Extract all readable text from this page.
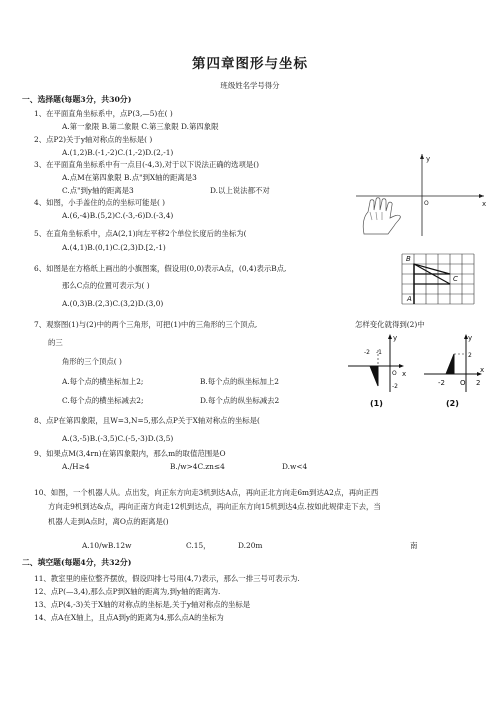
第四章图形与坐标
班级姓名学号得分
一、选择题(每题3分，共30分)
1、在平面直角坐标系中，点P(3,—5)在( )
A.第一象限 B.第二象限 C.第三象限 D.第四象限
2、点P2)关于y轴对称点的坐标是( )
A.(1,2)B.(-1,-2)C.(1,-2)D.(2,-1)
3、在平面直角坐标系中有一点目(-4,3),对于以下说法正确的选项是()
A.点M在第四象限 B.点"到X轴的距离是3
C.点"到y轴的距离是3	D.以上说法都不对
4、如图，小手盖住的点的坐标可能是( )
A.(6,-4)B.(5,2)C.(-3,-6)D.(-3,4)
5、在直角坐标系中，点A(2,1)向左平移2个单位长度后的坐标为(
A.(4,1)B.(0,1)C.(2,3)D.[2,-1)
6、如图是在方格纸上画出的小旗图案，假设用(0,0)表示A点，(0,4)表示B点,
那么C点的位置可表示为( )
A.(0,3)B.(2,3)C.(3,2)D.(3,0)
7、观察图(1)与(2)中的两个三角形，可把(1)中的三角形的三个顶点,	怎样变化就得到(2)中
的三
角形的三个顶点( )
A.每个点的横坐标加上2;	B.每个点的纵坐标加上2
C.每个点的横坐标减去2;	D.每个点的纵坐标减去2
8、点P在第四象限，且W=3,N=5,那么点P关于X轴对称点的坐标是(
A.(3,-5)B.(-3,5)C.(-5,-3)D.(3,5)
9、如果点M(3,4rn)在第四象限内，那么m的取值范围是O
A./H≥4	B./w>4C.zn≤4	D.w<4
10、如图，一个机器人从。点出发，向正东方向走3机到达A点，再向正北方向走6m到达A2点，再向正西
方向走9机到达&点，再向正南方向走12机到达点，再向正东方向15机到达4点.按如此规律走下去，当
机器人走到A点时，离O点的距离是()
A.10/wB.12w	C.15，	D.20m	南
二、填空题(每题4分，共32分)
11、教室里的座位整齐摆放，假设四排七号用(4,7)表示，那么一排三号可表示为.
12、点P(—3,4),那么点P到X轴的距离为,到y轴的距离为.
13、点P(4,-3)关于X轴的对称点的坐标是,关于y轴对称点的坐标是
14、点A在X轴上，且点A到y的距离为4,那么点A的坐标为
y
x
O
B
C
A
y
x
O
-2 -1
-2
(1)
y
x
2
-2 O 2
(2)
